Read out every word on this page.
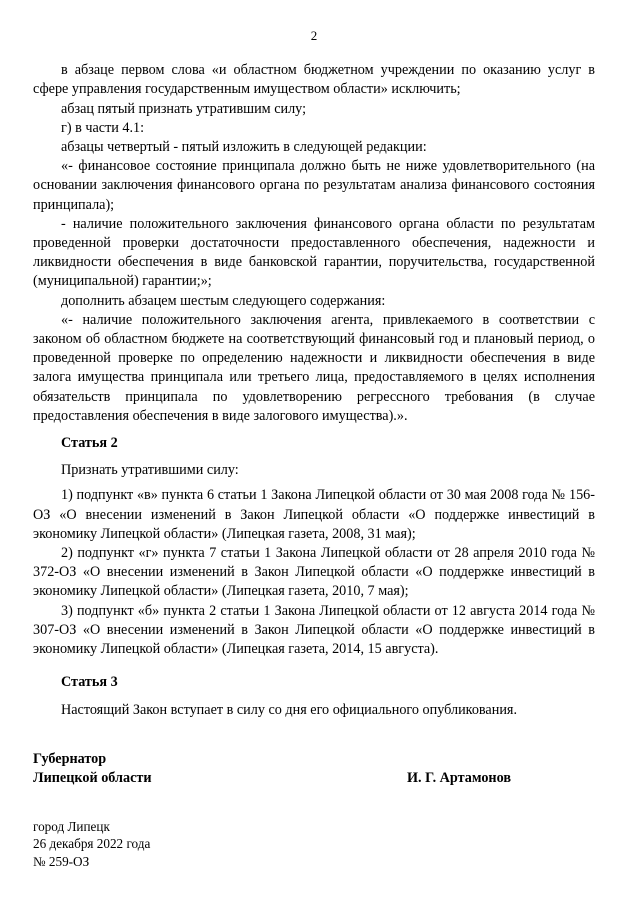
2

в абзаце первом слова «и областном бюджетном учреждении по оказанию услуг в сфере управления государственным имуществом области» исключить;

абзац пятый признать утратившим силу;

г) в части 4.1:

абзацы четвертый - пятый изложить в следующей редакции:

«- финансовое состояние принципала должно быть не ниже удовлетворительного (на основании заключения финансового органа по результатам анализа финансового состояния принципала);

- наличие положительного заключения финансового органа области по результатам проведенной проверки достаточности предоставленного обеспечения, надежности и ликвидности обеспечения в виде банковской гарантии, поручительства, государственной (муниципальной) гарантии;»;

дополнить абзацем шестым следующего содержания:

«- наличие положительного заключения агента, привлекаемого в соответствии с законом об областном бюджете на соответствующий финансовый год и плановый период, о проведенной проверке по определению надежности и ликвидности обеспечения в виде залога имущества принципала или третьего лица, предоставляемого в целях исполнения обязательств принципала по удовлетворению регрессного требования (в случае предоставления обеспечения в виде залогового имущества).».

Статья 2

Признать утратившими силу:

1) подпункт «в» пункта 6 статьи 1 Закона Липецкой области от 30 мая 2008 года № 156-ОЗ «О внесении изменений в Закон Липецкой области «О поддержке инвестиций в экономику Липецкой области» (Липецкая газета, 2008, 31 мая);

2) подпункт «г» пункта 7 статьи 1 Закона Липецкой области от 28 апреля 2010 года № 372-ОЗ «О внесении изменений в Закон Липецкой области «О поддержке инвестиций в экономику Липецкой области» (Липецкая газета, 2010, 7 мая);

3) подпункт «б» пункта 2 статьи 1 Закона Липецкой области от 12 августа 2014 года № 307-ОЗ «О внесении изменений в Закон Липецкой области «О поддержке инвестиций в экономику Липецкой области» (Липецкая газета, 2014, 15 августа).

Статья 3

Настоящий Закон вступает в силу со дня его официального опубликования.

Губернатор
Липецкой области	И. Г. Артамонов
город Липецк
26 декабря 2022 года
№ 259-ОЗ
